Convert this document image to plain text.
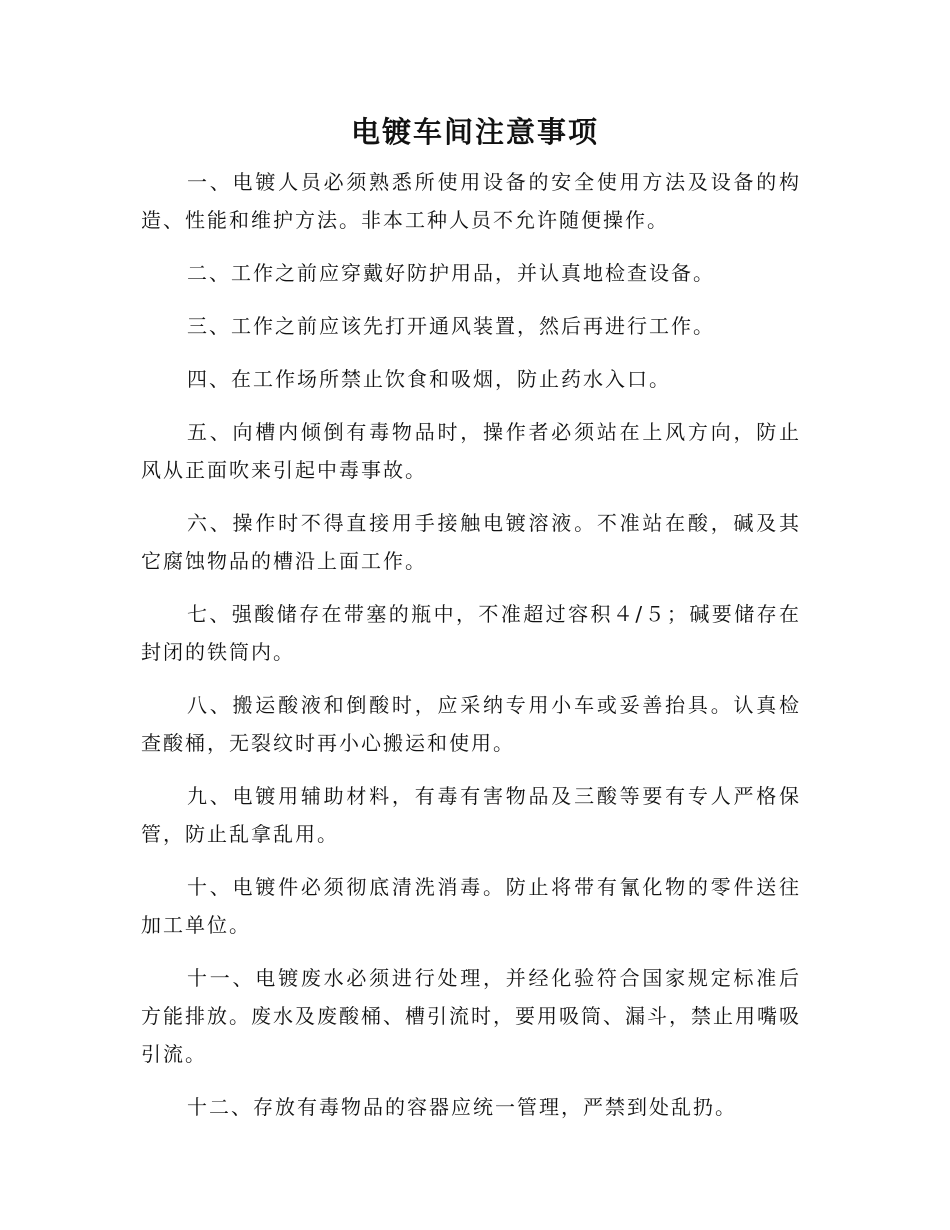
电镀车间注意事项

一、电镀人员必须熟悉所使用设备的安全使用方法及设备的构造、性能和维护方法。非本工种人员不允许随便操作。

二、工作之前应穿戴好防护用品，并认真地检查设备。

三、工作之前应该先打开通风装置，然后再进行工作。

四、在工作场所禁止饮食和吸烟，防止药水入口。

五、向槽内倾倒有毒物品时，操作者必须站在上风方向，防止风从正面吹来引起中毒事故。

六、操作时不得直接用手接触电镀溶液。不准站在酸，碱及其它腐蚀物品的槽沿上面工作。

七、强酸储存在带塞的瓶中，不准超过容积４/５；碱要储存在封闭的铁筒内。

八、搬运酸液和倒酸时，应采纳专用小车或妥善抬具。认真检查酸桶，无裂纹时再小心搬运和使用。

九、电镀用辅助材料，有毒有害物品及三酸等要有专人严格保管，防止乱拿乱用。

十、电镀件必须彻底清洗消毒。防止将带有氰化物的零件送往加工单位。

十一、电镀废水必须进行处理，并经化验符合国家规定标准后方能排放。废水及废酸桶、槽引流时，要用吸筒、漏斗，禁止用嘴吸引流。

十二、存放有毒物品的容器应统一管理，严禁到处乱扔。
